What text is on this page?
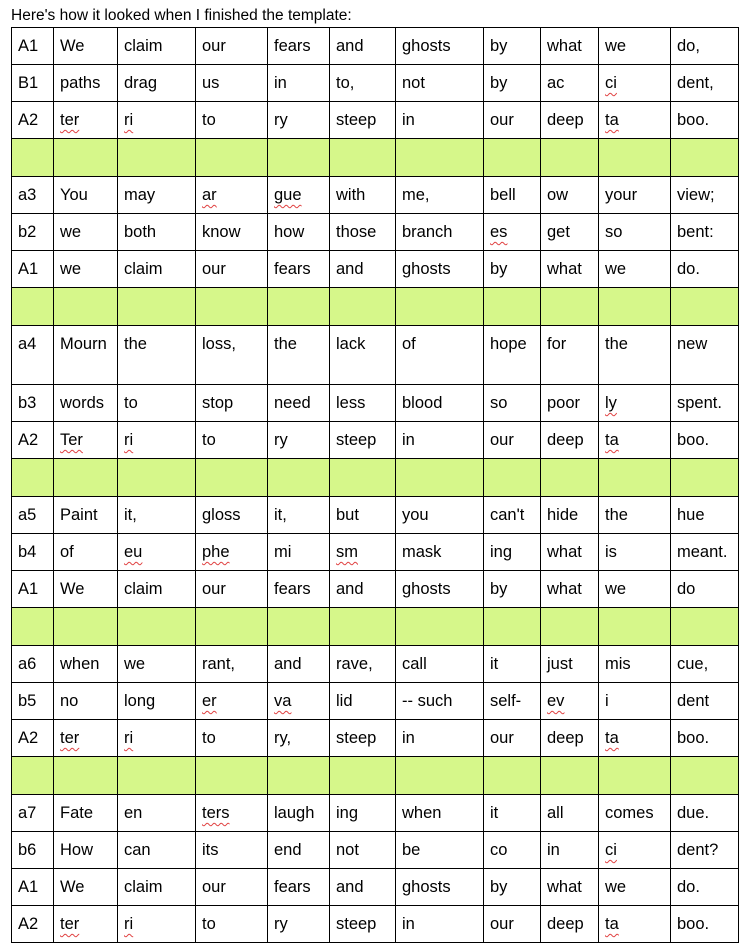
Here's how it looked when I finished the template:
A1	We	claim	our	fears	and	ghosts	by	what	we	do,
B1	paths	drag	us	in	to,	not	by	ac	ci	dent,
A2	ter	ri	to	ry	steep	in	our	deep	ta	boo.

a3	You	may	ar	gue	with	me,	bell	ow	your	view;
b2	we	both	know	how	those	branch	es	get	so	bent:
A1	we	claim	our	fears	and	ghosts	by	what	we	do.

a4	Mourn	the	loss,	the	lack	of	hope	for	the	new
b3	words	to	stop	need	less	blood	so	poor	ly	spent.
A2	Ter	ri	to	ry	steep	in	our	deep	ta	boo.

a5	Paint	it,	gloss	it,	but	you	can't	hide	the	hue
b4	of	eu	phe	mi	sm	mask	ing	what	is	meant.
A1	We	claim	our	fears	and	ghosts	by	what	we	do

a6	when	we	rant,	and	rave,	call	it	just	mis	cue,
b5	no	long	er	va	lid	-- such	self-	ev	i	dent
A2	ter	ri	to	ry,	steep	in	our	deep	ta	boo.

a7	Fate	en	ters	laugh	ing	when	it	all	comes	due.
b6	How	can	its	end	not	be	co	in	ci	dent?
A1	We	claim	our	fears	and	ghosts	by	what	we	do.
A2	ter	ri	to	ry	steep	in	our	deep	ta	boo.
